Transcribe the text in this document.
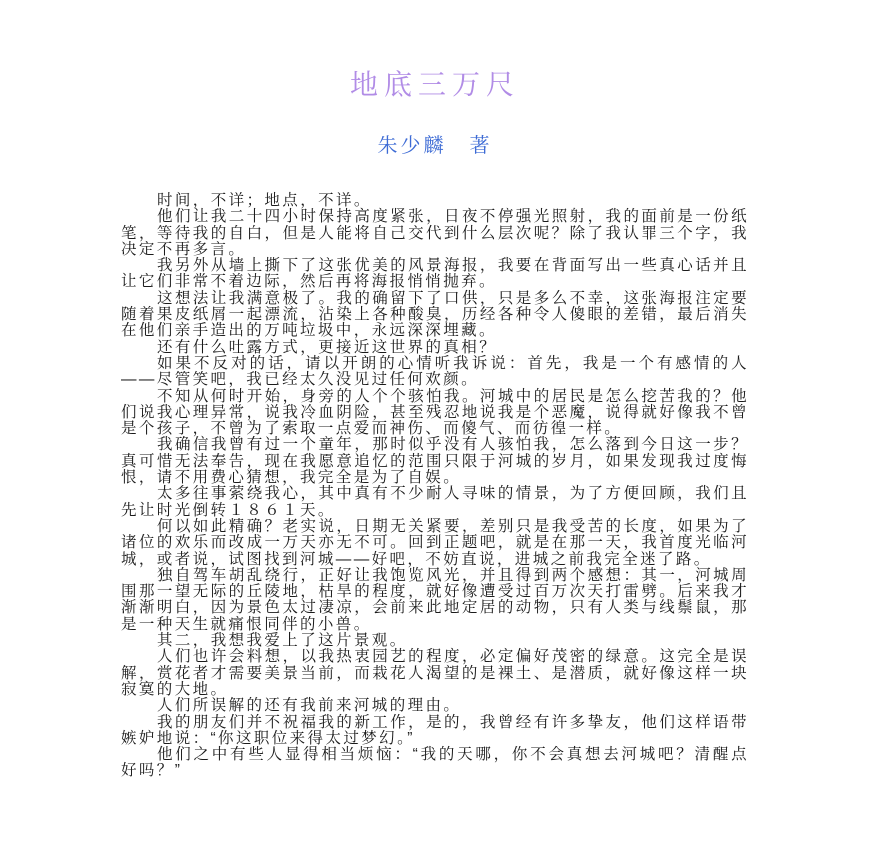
地底三万尺
朱少麟　著

时间，不详；地点，不详。

他们让我二十四小时保持高度紧张，日夜不停强光照射，我的面前是一份纸笔，等待我的自白，但是人能将自己交代到什么层次呢？除了我认罪三个字，我决定不再多言。

我另外从墙上撕下了这张优美的风景海报，我要在背面写出一些真心话并且让它们非常不着边际，然后再将海报悄悄抛弃。

这想法让我满意极了。我的确留下了口供，只是多么不幸，这张海报注定要随着果皮纸屑一起漂流，沾染上各种酸臭，历经各种令人傻眼的差错，最后消失在他们亲手造出的万吨垃圾中，永远深深埋藏。

还有什么吐露方式，更接近这世界的真相？

如果不反对的话，请以开朗的心情听我诉说：首先，我是一个有感情的人——尽管笑吧，我已经太久没见过任何欢颜。

不知从何时开始，身旁的人个个骇怕我。河城中的居民是怎么挖苦我的？他们说我心理异常，说我冷血阴险，甚至残忍地说我是个恶魔，说得就好像我不曾是个孩子，不曾为了索取一点爱而神伤、而傻气、而彷徨一样。

我确信我曾有过一个童年，那时似乎没有人骇怕我，怎么落到今日这一步？真可惜无法奉告，现在我愿意追忆的范围只限于河城的岁月，如果发现我过度悔恨，请不用费心猜想，我完全是为了自娱。

太多往事萦绕我心，其中真有不少耐人寻味的情景，为了方便回顾，我们且先让时光倒转１８６１天。

何以如此精确？老实说，日期无关紧要，差别只是我受苦的长度，如果为了诸位的欢乐而改成一万天亦无不可。回到正题吧，就是在那一天，我首度光临河城，或者说，试图找到河城——好吧，不妨直说，进城之前我完全迷了路。

独自驾车胡乱绕行，正好让我饱览风光，并且得到两个感想：其一，河城周围那一望无际的丘陵地，枯旱的程度，就好像遭受过百万次天打雷劈。后来我才渐渐明白，因为景色太过凄凉，会前来此地定居的动物，只有人类与线鬃鼠，那是一种天生就痛恨同伴的小兽。

其二，我想我爱上了这片景观。

人们也许会料想，以我热衷园艺的程度，必定偏好茂密的绿意。这完全是误解，赏花者才需要美景当前，而栽花人渴望的是裸土、是潜质，就好像这样一块寂寞的大地。

人们所误解的还有我前来河城的理由。

我的朋友们并不祝福我的新工作，是的，我曾经有许多挚友，他们这样语带嫉妒地说：“你这职位来得太过梦幻。”

他们之中有些人显得相当烦恼：“我的天哪，你不会真想去河城吧？清醒点好吗？”
